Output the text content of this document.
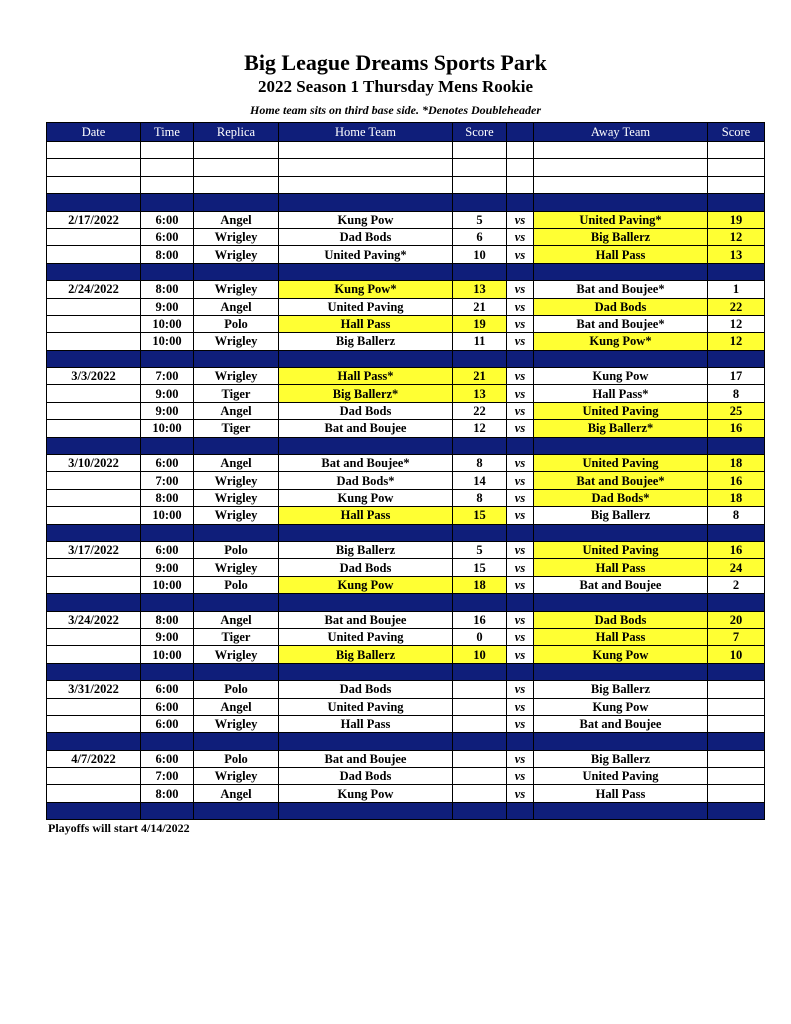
Big League Dreams Sports Park
2022 Season 1 Thursday Mens Rookie
Home team sits on third base side. *Denotes Doubleheader
Date	Time	Replica	Home Team	Score		Away Team	Score

2/17/2022	6:00	Angel	Kung Pow	5	vs	United Paving*	19
	6:00	Wrigley	Dad Bods	6	vs	Big Ballerz	12
	8:00	Wrigley	United Paving*	10	vs	Hall Pass	13

2/24/2022	8:00	Wrigley	Kung Pow*	13	vs	Bat and Boujee*	1
	9:00	Angel	United Paving	21	vs	Dad Bods	22
	10:00	Polo	Hall Pass	19	vs	Bat and Boujee*	12
	10:00	Wrigley	Big Ballerz	11	vs	Kung Pow*	12

3/3/2022	7:00	Wrigley	Hall Pass*	21	vs	Kung Pow	17
	9:00	Tiger	Big Ballerz*	13	vs	Hall Pass*	8
	9:00	Angel	Dad Bods	22	vs	United Paving	25
	10:00	Tiger	Bat and Boujee	12	vs	Big Ballerz*	16

3/10/2022	6:00	Angel	Bat and Boujee*	8	vs	United Paving	18
	7:00	Wrigley	Dad Bods*	14	vs	Bat and Boujee*	16
	8:00	Wrigley	Kung Pow	8	vs	Dad Bods*	18
	10:00	Wrigley	Hall Pass	15	vs	Big Ballerz	8

3/17/2022	6:00	Polo	Big Ballerz	5	vs	United Paving	16
	9:00	Wrigley	Dad Bods	15	vs	Hall Pass	24
	10:00	Polo	Kung Pow	18	vs	Bat and Boujee	2

3/24/2022	8:00	Angel	Bat and Boujee	16	vs	Dad Bods	20
	9:00	Tiger	United Paving	0	vs	Hall Pass	7
	10:00	Wrigley	Big Ballerz	10	vs	Kung Pow	10

3/31/2022	6:00	Polo	Dad Bods		vs	Big Ballerz	
	6:00	Angel	United Paving		vs	Kung Pow	
	6:00	Wrigley	Hall Pass		vs	Bat and Boujee	

4/7/2022	6:00	Polo	Bat and Boujee		vs	Big Ballerz	
	7:00	Wrigley	Dad Bods		vs	United Paving	
	8:00	Angel	Kung Pow		vs	Hall Pass	

Playoffs will start 4/14/2022
